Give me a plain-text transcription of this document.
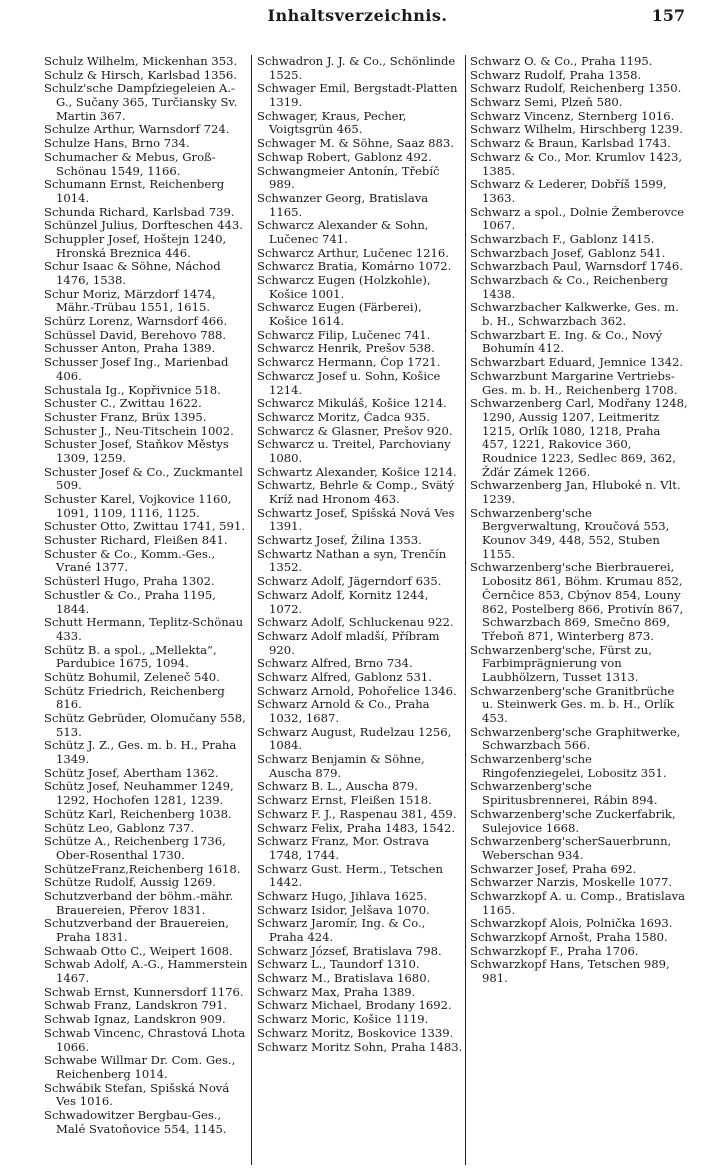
Inhaltsverzeichnis.	157
Schulz Wilhelm, Mickenhan 353.
Schulz & Hirsch, Karlsbad 1356.
Schulz'sche Dampfziegeleien A.-G., Sučany 365, Turčiansky Sv. Martin 367.
Schulze Arthur, Warnsdorf 724.
Schulze Hans, Brno 734.
Schumacher & Mebus, Groß-Schönau 1549, 1166.
Schumann Ernst, Reichenberg 1014.
Schunda Richard, Karlsbad 739.
Schünzel Julius, Dorfteschen 443.
Schuppler Josef, Hoštejn 1240, Hronská Breznica 446.
Schur Isaac & Söhne, Náchod 1476, 1538.
Schur Moriz, Märzdorf 1474, Mähr.-Trübau 1551, 1615.
Schürz Lorenz, Warnsdorf 466.
Schüssel David, Berehovo 788.
Schusser Anton, Praha 1389.
Schusser Josef Ing., Marienbad 406.
Schustala Ig., Kopřivnice 518.
Schuster C., Zwittau 1622.
Schuster Franz, Brüx 1395.
Schuster J., Neu-Titschein 1002.
Schuster Josef, Staňkov Městys 1309, 1259.
Schuster Josef & Co., Zuckmantel 509.
Schuster Karel, Vojkovice 1160, 1091, 1109, 1116, 1125.
Schuster Otto, Zwittau 1741, 591.
Schuster Richard, Fleißen 841.
Schuster & Co., Komm.-Ges., Vrané 1377.
Schüsterl Hugo, Praha 1302.
Schustler & Co., Praha 1195, 1844.
Schutt Hermann, Teplitz-Schönau 433.
Schütz B. a spol., „Mellekta“, Pardubice 1675, 1094.
Schütz Bohumil, Zeleneč 540.
Schütz Friedrich, Reichenberg 816.
Schütz Gebrüder, Olomučany 558, 513.
Schütz J. Z., Ges. m. b. H., Praha 1349.
Schütz Josef, Abertham 1362.
Schütz Josef, Neuhammer 1249, 1292, Hochofen 1281, 1239.
Schütz Karl, Reichenberg 1038.
Schütz Leo, Gablonz 737.
Schütze A., Reichenberg 1736, Ober-Rosenthal 1730.
SchützeFranz,Reichenberg 1618.
Schütze Rudolf, Aussig 1269.
Schutzverband der böhm.-mähr. Brauereien, Přerov 1831.
Schutzverband der Brauereien, Praha 1831.
Schwaab Otto C., Weipert 1608.
Schwab Adolf, A.-G., Hammerstein 1467.
Schwab Ernst, Kunnersdorf 1176.
Schwab Franz, Landskron 791.
Schwab Ignaz, Landskron 909.
Schwab Vincenc, Chrastová Lhota 1066.
Schwabe Willmar Dr. Com. Ges., Reichenberg 1014.
Schwábik Stefan, Spišská Nová Ves 1016.
Schwadowitzer Bergbau-Ges., Malé Svatoňovice 554, 1145.
Schwadron J. J. & Co., Schönlinde 1525.
Schwager Emil, Bergstadt-Platten 1319.
Schwager, Kraus, Pecher, Voigtsgrün 465.
Schwager M. & Söhne, Saaz 883.
Schwap Robert, Gablonz 492.
Schwangmeier Antonín, Třebíč 989.
Schwanzer Georg, Bratislava 1165.
Schwarcz Alexander & Sohn, Lučenec 741.
Schwarcz Arthur, Lučenec 1216.
Schwarcz Bratia, Komárno 1072.
Schwarcz Eugen (Holzkohle), Košice 1001.
Schwarcz Eugen (Färberei), Košice 1614.
Schwarcz Filip, Lučenec 741.
Schwarcz Henrik, Prešov 538.
Schwarcz Hermann, Čop 1721.
Schwarcz Josef u. Sohn, Košice 1214.
Schwarcz Mikuláš, Košice 1214.
Schwarcz Moritz, Čadca 935.
Schwarcz & Glasner, Prešov 920.
Schwarcz u. Treitel, Parchoviany 1080.
Schwartz Alexander, Košice 1214.
Schwartz, Behrle & Comp., Svätý Kríž nad Hronom 463.
Schwartz Josef, Spišská Nová Ves 1391.
Schwartz Josef, Žilina 1353.
Schwartz Nathan a syn, Trenčín 1352.
Schwarz Adolf, Jägerndorf 635.
Schwarz Adolf, Kornitz 1244, 1072.
Schwarz Adolf, Schluckenau 922.
Schwarz Adolf mladší, Příbram 920.
Schwarz Alfred, Brno 734.
Schwarz Alfred, Gablonz 531.
Schwarz Arnold, Pohořelice 1346.
Schwarz Arnold & Co., Praha 1032, 1687.
Schwarz August, Rudelzau 1256, 1084.
Schwarz Benjamin & Söhne, Auscha 879.
Schwarz B. L., Auscha 879.
Schwarz Ernst, Fleißen 1518.
Schwarz F. J., Raspenau 381, 459.
Schwarz Felix, Praha 1483, 1542.
Schwarz Franz, Mor. Ostrava 1748, 1744.
Schwarz Gust. Herm., Tetschen 1442.
Schwarz Hugo, Jihlava 1625.
Schwarz Isidor, Jelšava 1070.
Schwarz Jaromír, Ing. & Co., Praha 424.
Schwarz József, Bratislava 798.
Schwarz L., Taundorf 1310.
Schwarz M., Bratislava 1680.
Schwarz Max, Praha 1389.
Schwarz Michael, Brodany 1692.
Schwarz Moric, Košice 1119.
Schwarz Moritz, Boskovice 1339.
Schwarz Moritz Sohn, Praha 1483.
Schwarz O. & Co., Praha 1195.
Schwarz Rudolf, Praha 1358.
Schwarz Rudolf, Reichenberg 1350.
Schwarz Semi, Plzeň 580.
Schwarz Vincenz, Sternberg 1016.
Schwarz Wilhelm, Hirschberg 1239.
Schwarz & Braun, Karlsbad 1743.
Schwarz & Co., Mor. Krumlov 1423, 1385.
Schwarz & Lederer, Dobříš 1599, 1363.
Schwarz a spol., Dolnie Žemberovce 1067.
Schwarzbach F., Gablonz 1415.
Schwarzbach Josef, Gablonz 541.
Schwarzbach Paul, Warnsdorf 1746.
Schwarzbach & Co., Reichenberg 1438.
Schwarzbacher Kalkwerke, Ges. m. b. H., Schwarzbach 362.
Schwarzbart E. Ing. & Co., Nový Bohumín 412.
Schwarzbart Eduard, Jemnice 1342.
Schwarzbunt Margarine Vertriebs-Ges. m. b. H., Reichenberg 1708.
Schwarzenberg Carl, Modřany 1248, 1290, Aussig 1207, Leitmeritz 1215, Orlík 1080, 1218, Praha 457, 1221, Rakovice 360, Roudnice 1223, Sedlec 869, 362, Žďár Zámek 1266.
Schwarzenberg Jan, Hluboké n. Vlt. 1239.
Schwarzenberg'sche Bergverwaltung, Kroučová 553, Kounov 349, 448, 552, Stuben 1155.
Schwarzenberg'sche Bierbrauerei, Lobositz 861, Böhm. Krumau 852, Černčice 853, Cbýnov 854, Louny 862, Postelberg 866, Protivín 867, Schwarzbach 869, Smečno 869, Třeboň 871, Winterberg 873.
Schwarzenberg'sche, Fürst zu, Farbimprägnierung von Laubhölzern, Tusset 1313.
Schwarzenberg'sche Granitbrüche u. Steinwerk Ges. m. b. H., Orlík 453.
Schwarzenberg'sche Graphitwerke, Schwarzbach 566.
Schwarzenberg'sche Ringofenziegelei, Lobositz 351.
Schwarzenberg'sche Spiritusbrennerei, Rábin 894.
Schwarzenberg'sche Zuckerfabrik, Sulejovice 1668.
Schwarzenberg'scherSauerbrunn, Weberschan 934.
Schwarzer Josef, Praha 692.
Schwarzer Narzis, Moskelle 1077.
Schwarzkopf A. u. Comp., Bratislava 1165.
Schwarzkopf Alois, Polnička 1693.
Schwarzkopf Arnošt, Praha 1580.
Schwarzkopf F., Praha 1706.
Schwarzkopf Hans, Tetschen 989, 981.
